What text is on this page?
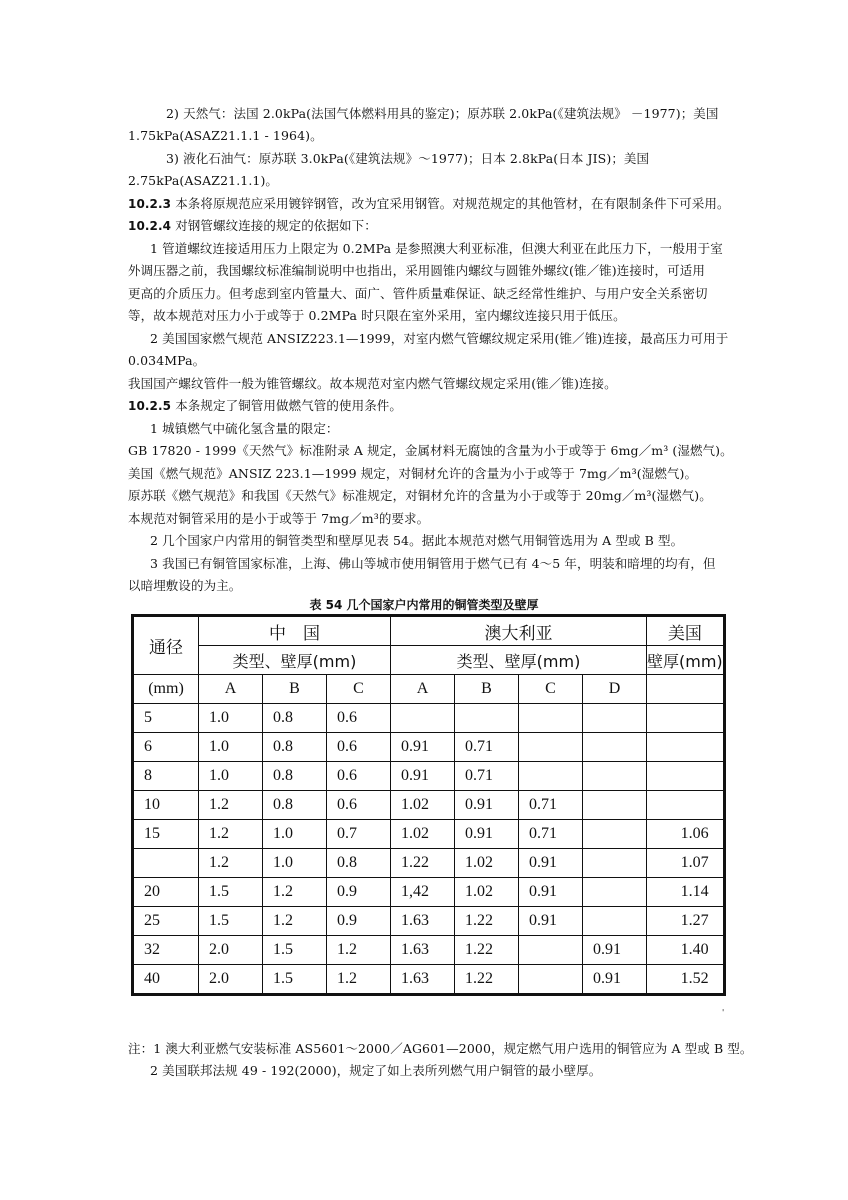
2) 天然气：法国 2.0kPa(法国气体燃料用具的鉴定)；原苏联 2.0kPa(《建筑法规》 －1977)；美国
1.75kPa(ASAZ21.1.1 - 1964)。
3) 液化石油气：原苏联 3.0kPa(《建筑法规》～1977)；日本 2.8kPa(日本 JIS)；美国
2.75kPa(ASAZ21.1.1)。
10.2.3 本条将原规范应采用镀锌钢管，改为宜采用钢管。对规范规定的其他管材，在有限制条件下可采用。
10.2.4 对钢管螺纹连接的规定的依据如下：
1 管道螺纹连接适用压力上限定为 0.2MPa 是参照澳大利亚标准，但澳大利亚在此压力下，一般用于室
外调压器之前，我国螺纹标准编制说明中也指出，采用圆锥内螺纹与圆锥外螺纹(锥／锥)连接时，可适用
更高的介质压力。但考虑到室内管量大、面广、管件质量难保证、缺乏经常性维护、与用户安全关系密切
等，故本规范对压力小于或等于 0.2MPa 时只限在室外采用，室内螺纹连接只用于低压。
2 美国国家燃气规范 ANSIZ223.1—1999，对室内燃气管螺纹规定采用(锥／锥)连接，最高压力可用于
0.034MPa。
我国国产螺纹管件一般为锥管螺纹。故本规范对室内燃气管螺纹规定采用(锥／锥)连接。
10.2.5 本条规定了铜管用做燃气管的使用条件。
1 城镇燃气中硫化氢含量的限定：
GB 17820 - 1999《天然气》标准附录 A 规定，金属材料无腐蚀的含量为小于或等于 6mg／m³ (湿燃气)。
美国《燃气规范》ANSIZ 223.1—1999 规定，对铜材允许的含量为小于或等于 7mg／m³(湿燃气)。
原苏联《燃气规范》和我国《天然气》标准规定，对铜材允许的含量为小于或等于 20mg／m³(湿燃气)。
本规范对铜管采用的是小于或等于 7mg／m³的要求。
2 几个国家户内常用的铜管类型和壁厚见表 54。据此本规范对燃气用铜管选用为 A 型或 B 型。
3 我国已有铜管国家标准，上海、佛山等城市使用铜管用于燃气已有 4～5 年，明装和暗埋的均有，但
以暗埋敷设的为主。
表 54 几个国家户内常用的铜管类型及壁厚
通径	中　国			澳大利亚				美国
	类型、壁厚(mm)			类型、壁厚(mm)				壁厚(mm)
(mm)	A	B	C	A	B	C	D	
5	1.0	0.8	0.6					
6	1.0	0.8	0.6	0.91	0.71			
8	1.0	0.8	0.6	0.91	0.71			
10	1.2	0.8	0.6	1.02	0.91	0.71		
15	1.2	1.0	0.7	1.02	0.91	0.71		1.06
	1.2	1.0	0.8	1.22	1.02	0.91		1.07
20	1.5	1.2	0.9	1,42	1.02	0.91		1.14
25	1.5	1.2	0.9	1.63	1.22	0.91		1.27
32	2.0	1.5	1.2	1.63	1.22		0.91	1.40
40	2.0	1.5	1.2	1.63	1.22		0.91	1.52
'
注：1 澳大利亚燃气安装标准 AS5601～2000／AG601—2000，规定燃气用户选用的铜管应为 A 型或 B 型。
2 美国联邦法规 49 - 192(2000)，规定了如上表所列燃气用户铜管的最小壁厚。
